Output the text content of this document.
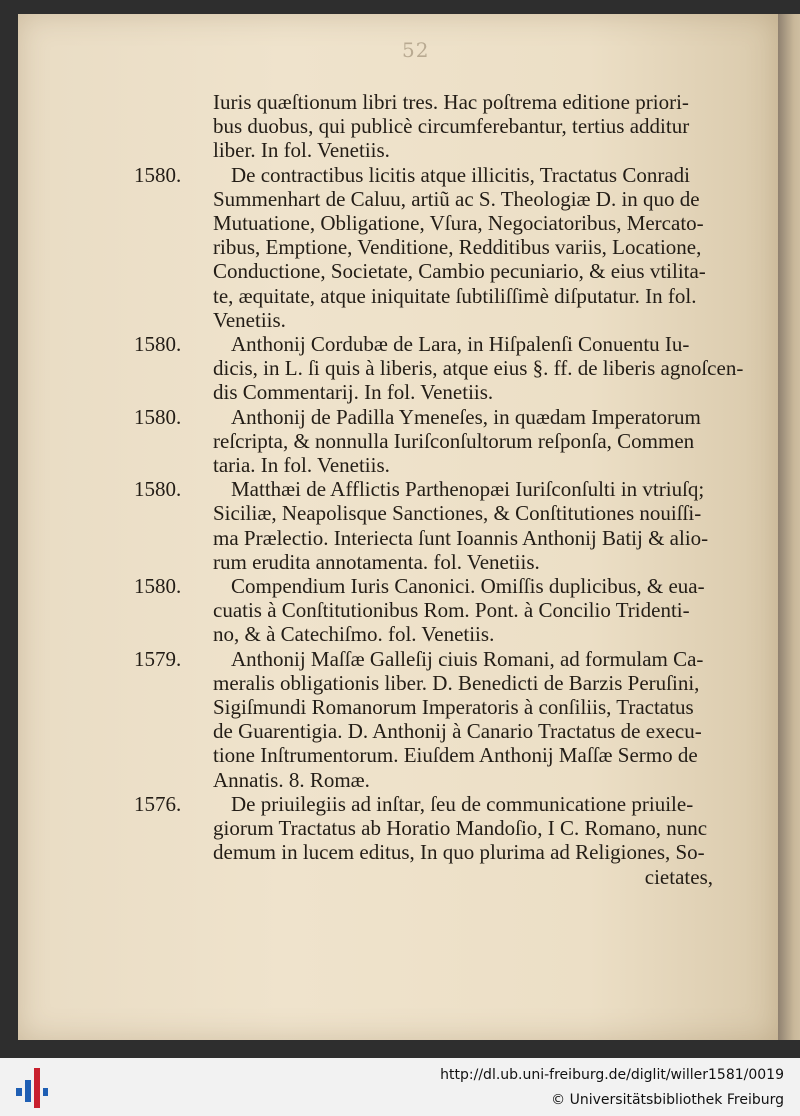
52
Iuris quæſtionum libri tres. Hac poſtrema editione priori-
bus duobus, qui publicè circumferebantur, tertius additur
liber. In fol. Venetiis.
1580.	De contractibus licitis atque illicitis, Tractatus Conradi
Summenhart de Caluu, artiũ ac S. Theologiæ D. in quo de
Mutuatione, Obligatione, Vſura, Negociatoribus, Mercato-
ribus, Emptione, Venditione, Redditibus variis, Locatione,
Conductione, Societate, Cambio pecuniario, & eius vtilita-
te, æquitate, atque iniquitate ſubtiliſſimè diſputatur. In fol.
Venetiis.
1580.	Anthonij Cordubæ de Lara, in Hiſpalenſi Conuentu Iu-
dicis, in L. ſi quis à liberis, atque eius §. ff. de liberis agnoſcen-
dis Commentarij. In fol. Venetiis.
1580.	Anthonij de Padilla Ymeneſes, in quædam Imperatorum
reſcripta, & nonnulla Iuriſconſultorum reſponſa, Commen
taria. In fol. Venetiis.
1580.	Matthæi de Afflictis Parthenopæi Iuriſconſulti in vtriuſq;
Siciliæ, Neapolisque Sanctiones, & Conſtitutiones nouiſſi-
ma Prælectio. Interiecta ſunt Ioannis Anthonij Batij & alio-
rum erudita annotamenta. fol. Venetiis.
1580.	Compendium Iuris Canonici. Omiſſis duplicibus, & eua-
cuatis à Conſtitutionibus Rom. Pont. à Concilio Tridenti-
no, & à Catechiſmo. fol. Venetiis.
1579.	Anthonij Maſſæ Galleſij ciuis Romani, ad formulam Ca-
meralis obligationis liber. D. Benedicti de Barzis Peruſini,
Sigiſmundi Romanorum Imperatoris à conſiliis, Tractatus
de Guarentigia. D. Anthonij à Canario Tractatus de execu-
tione Inſtrumentorum. Eiuſdem Anthonij Maſſæ Sermo de
Annatis. 8. Romæ.
1576.	De priuilegiis ad inſtar, ſeu de communicatione priuile-
giorum Tractatus ab Horatio Mandoſio, I C. Romano, nunc
demum in lucem editus, In quo plurima ad Religiones, So-
cietates,
http://dl.ub.uni-freiburg.de/diglit/willer1581/0019
© Universitätsbibliothek Freiburg
